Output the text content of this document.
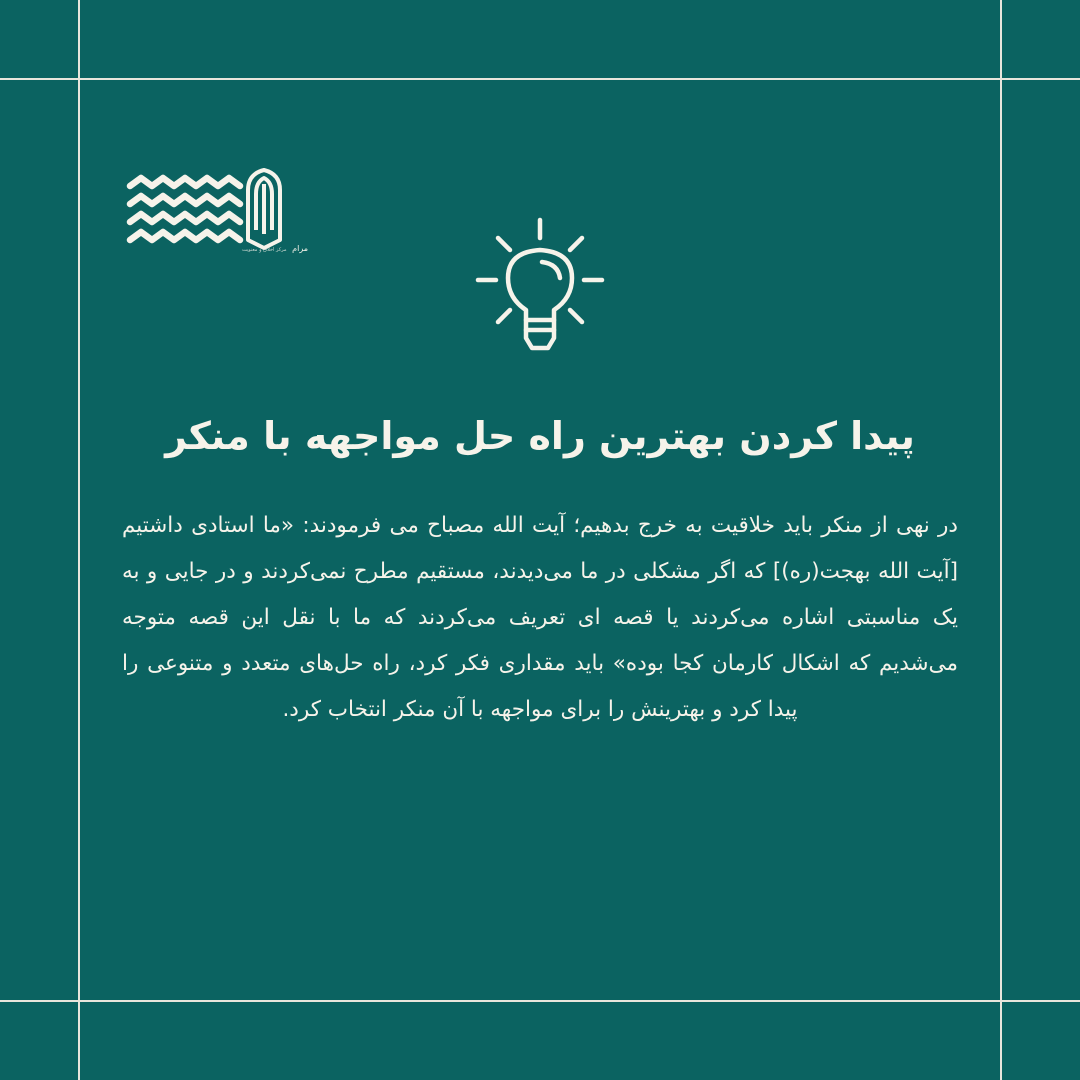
مرام مرکز اخلاق و معنویت
پیدا کردن بهترین راه حل مواجهه با منکر
در نهی از منکر باید خلاقیت به خرج بدهیم؛ آیت الله مصباح می فرمودند: «ما استادی داشتیم [آیت الله بهجت(ره)] که اگر مشکلی در ما می‌دیدند، مستقیم مطرح نمی‌کردند و در جایی و به یک مناسبتی اشاره می‌کردند یا قصه ای تعریف می‌کردند که ما با نقل این قصه متوجه می‌شدیم که اشکال کارمان کجا بوده» باید مقداری فکر کرد، راه حل‌های متعدد و متنوعی را پیدا کرد و بهترینش را برای مواجهه با آن منکر انتخاب کرد.
